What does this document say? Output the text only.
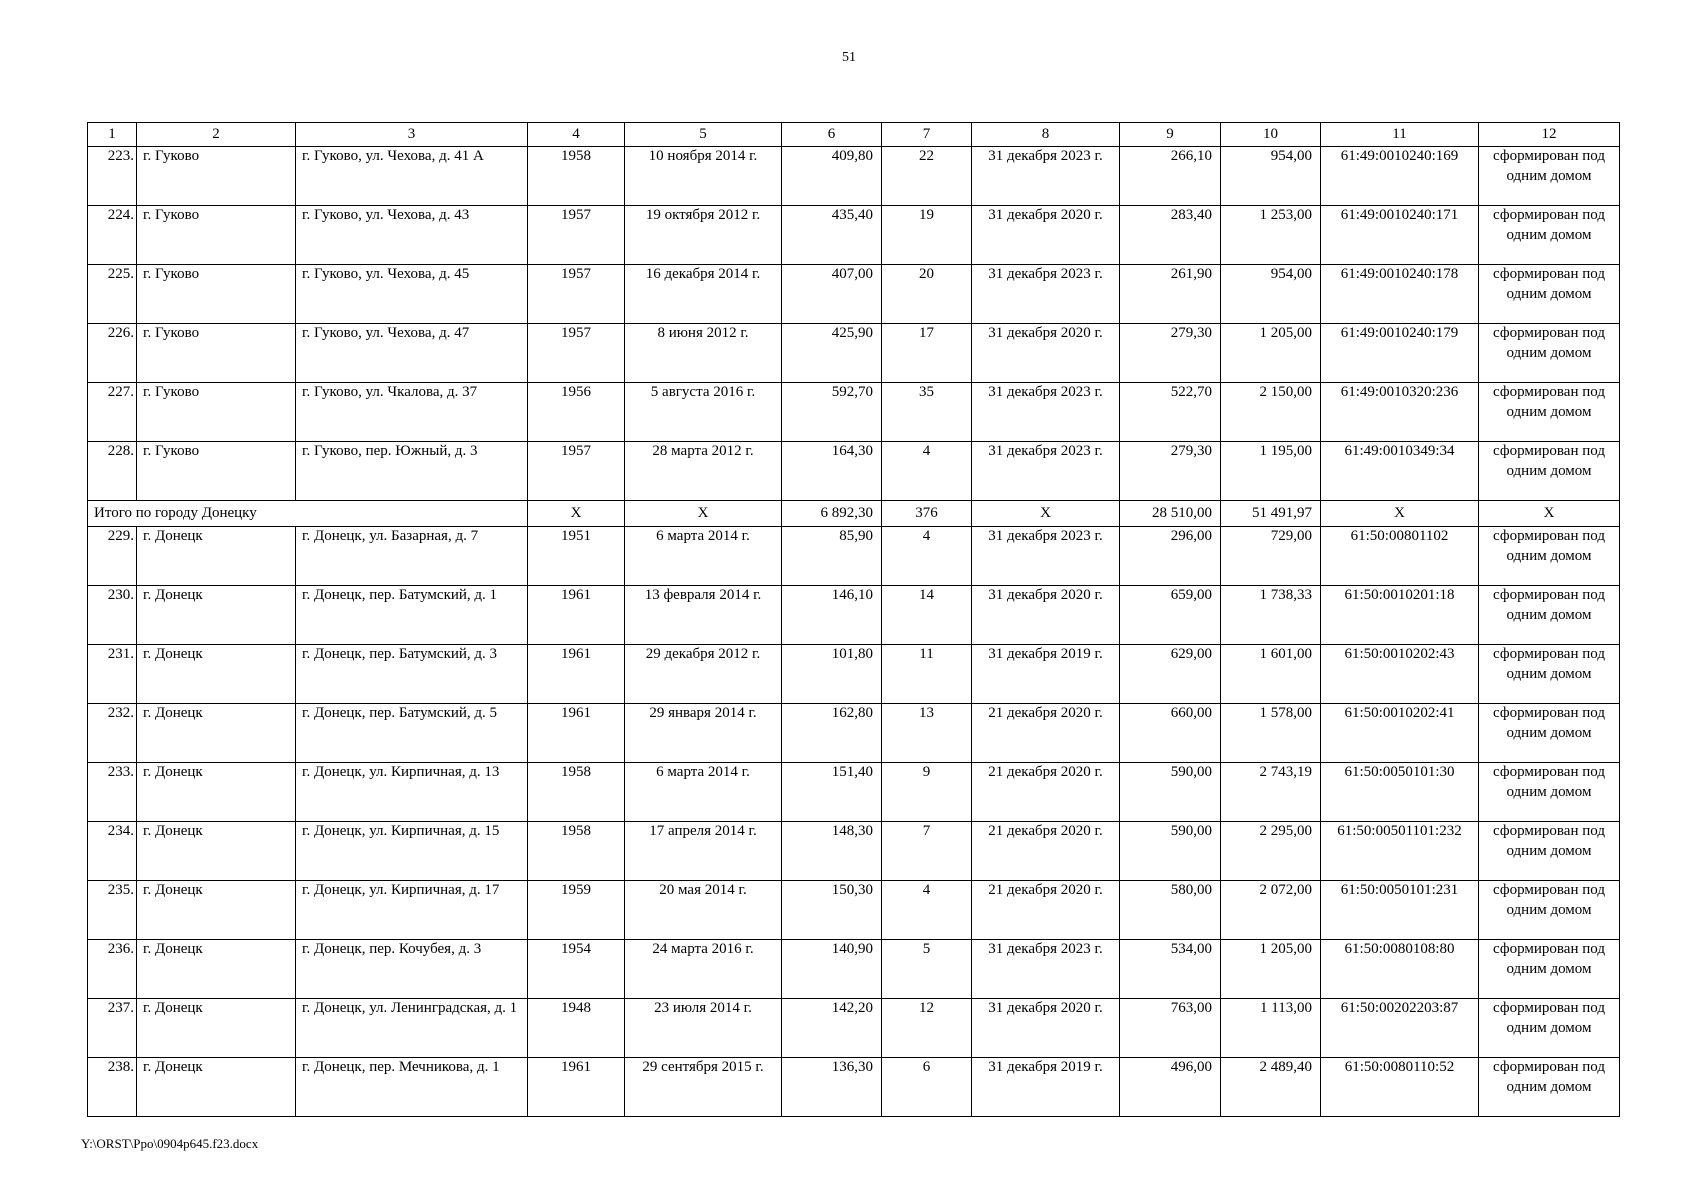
51
1	2	3	4	5	6	7	8	9	10	11	12
223.	г. Гуково	г. Гуково, ул. Чехова, д. 41 А	1958	10 ноября 2014 г.	409,80	22	31 декабря 2023 г.	266,10	954,00	61:49:0010240:169	сформирован под одним домом
224.	г. Гуково	г. Гуково, ул. Чехова, д. 43	1957	19 октября 2012 г.	435,40	19	31 декабря 2020 г.	283,40	1 253,00	61:49:0010240:171	сформирован под одним домом
225.	г. Гуково	г. Гуково, ул. Чехова, д. 45	1957	16 декабря 2014 г.	407,00	20	31 декабря 2023 г.	261,90	954,00	61:49:0010240:178	сформирован под одним домом
226.	г. Гуково	г. Гуково, ул. Чехова, д. 47	1957	8 июня 2012 г.	425,90	17	31 декабря 2020 г.	279,30	1 205,00	61:49:0010240:179	сформирован под одним домом
227.	г. Гуково	г. Гуково, ул. Чкалова, д. 37	1956	5 августа 2016 г.	592,70	35	31 декабря 2023 г.	522,70	2 150,00	61:49:0010320:236	сформирован под одним домом
228.	г. Гуково	г. Гуково, пер. Южный, д. 3	1957	28 марта 2012 г.	164,30	4	31 декабря 2023 г.	279,30	1 195,00	61:49:0010349:34	сформирован под одним домом
Итого по городу Донецку			Х	Х	6 892,30	376	Х	28 510,00	51 491,97	Х	Х
229.	г. Донецк	г. Донецк, ул. Базарная, д. 7	1951	6 марта 2014 г.	85,90	4	31 декабря 2023 г.	296,00	729,00	61:50:00801102	сформирован под одним домом
230.	г. Донецк	г. Донецк, пер. Батумский, д. 1	1961	13 февраля 2014 г.	146,10	14	31 декабря 2020 г.	659,00	1 738,33	61:50:0010201:18	сформирован под одним домом
231.	г. Донецк	г. Донецк, пер. Батумский, д. 3	1961	29 декабря 2012 г.	101,80	11	31 декабря 2019 г.	629,00	1 601,00	61:50:0010202:43	сформирован под одним домом
232.	г. Донецк	г. Донецк, пер. Батумский, д. 5	1961	29 января 2014 г.	162,80	13	21 декабря 2020 г.	660,00	1 578,00	61:50:0010202:41	сформирован под одним домом
233.	г. Донецк	г. Донецк, ул. Кирпичная, д. 13	1958	6 марта 2014 г.	151,40	9	21 декабря 2020 г.	590,00	2 743,19	61:50:0050101:30	сформирован под одним домом
234.	г. Донецк	г. Донецк, ул. Кирпичная, д. 15	1958	17 апреля 2014 г.	148,30	7	21 декабря 2020 г.	590,00	2 295,00	61:50:00501101:232	сформирован под одним домом
235.	г. Донецк	г. Донецк, ул. Кирпичная, д. 17	1959	20 мая 2014 г.	150,30	4	21 декабря 2020 г.	580,00	2 072,00	61:50:0050101:231	сформирован под одним домом
236.	г. Донецк	г. Донецк, пер. Кочубея, д. 3	1954	24 марта 2016 г.	140,90	5	31 декабря 2023 г.	534,00	1 205,00	61:50:0080108:80	сформирован под одним домом
237.	г. Донецк	г. Донецк, ул. Ленинградская, д. 1	1948	23 июля 2014 г.	142,20	12	31 декабря 2020 г.	763,00	1 113,00	61:50:00202203:87	сформирован под одним домом
238.	г. Донецк	г. Донецк, пер. Мечникова, д. 1	1961	29 сентября 2015 г.	136,30	6	31 декабря 2019 г.	496,00	2 489,40	61:50:0080110:52	сформирован под одним домом
Y:\ORST\Ppo\0904p645.f23.docx
